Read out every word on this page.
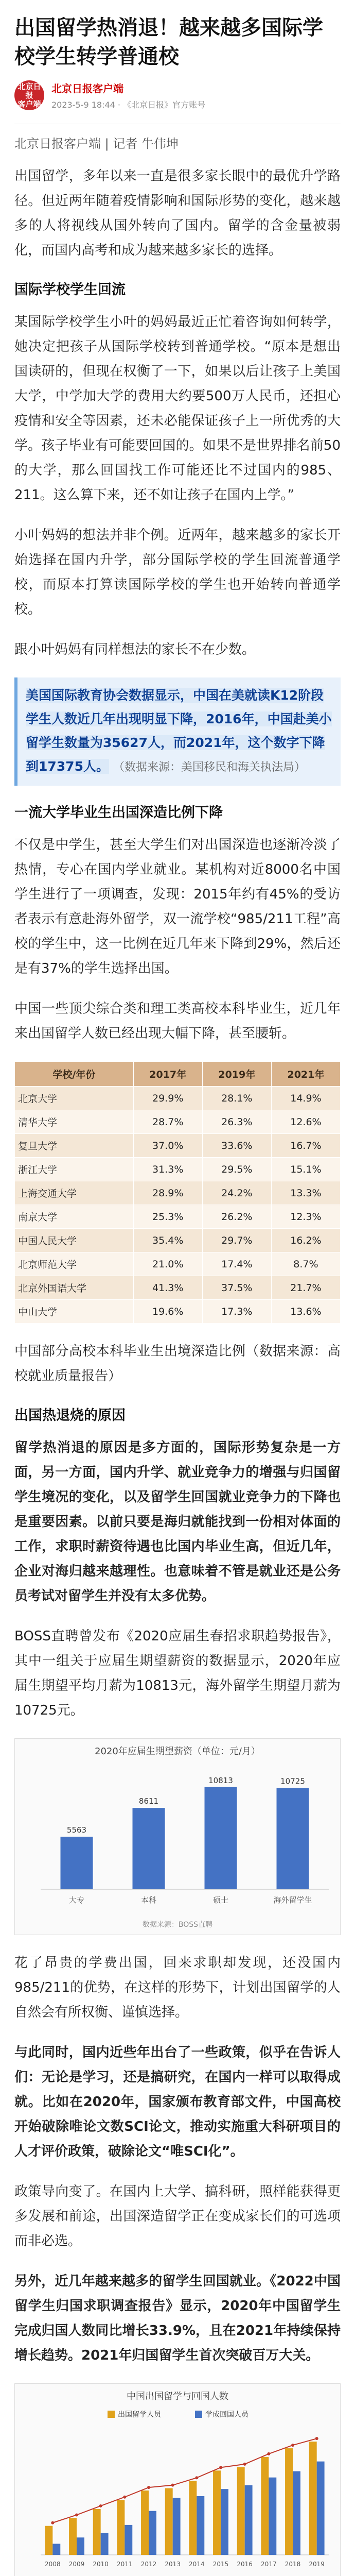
出国留学热消退！越来越多国际学校学生转学普通校
北京日报
客户端
北京日报客户端
2023-5-9 18:44 · 《北京日报》官方账号
北京日报客户端 | 记者 牛伟坤

出国留学，多年以来一直是很多家长眼中的最优升学路径。但近两年随着疫情影响和国际形势的变化，越来越多的人将视线从国外转向了国内。留学的含金量被弱化，而国内高考和成为越来越多家长的选择。

国际学校学生回流

某国际学校学生小叶的妈妈最近正忙着咨询如何转学，她决定把孩子从国际学校转到普通学校。“原本是想出国读研的，但现在权衡了一下，如果以后让孩子上美国大学，中学加大学的费用大约要500万人民币，还担心疫情和安全等因素，还未必能保证孩子上一所优秀的大学。孩子毕业有可能要回国的。如果不是世界排名前50的大学，那么回国找工作可能还比不过国内的985、211。这么算下来，还不如让孩子在国内上学。”

小叶妈妈的想法并非个例。近两年，越来越多的家长开始选择在国内升学，部分国际学校的学生回流普通学校，而原本打算读国际学校的学生也开始转向普通学校。

跟小叶妈妈有同样想法的家长不在少数。

美国国际教育协会数据显示，中国在美就读K12阶段学生人数近几年出现明显下降，2016年，中国赴美小留学生数量为35627人，而2021年，这个数字下降到17375人。 （数据来源：美国移民和海关执法局）
一流大学毕业生出国深造比例下降

不仅是中学生，甚至大学生们对出国深造也逐渐冷淡了热情，专心在国内学业就业。某机构对近8000名中国学生进行了一项调查，发现：2015年约有45%的受访者表示有意赴海外留学，双一流学校“985/211工程”高校的学生中，这一比例在近几年来下降到29%，然后还是有37%的学生选择出国。

中国一些顶尖综合类和理工类高校本科毕业生，近几年来出国留学人数已经出现大幅下降，甚至腰斩。

学校/年份	2017年	2019年	2021年
北京大学	29.9%	28.1%	14.9%
清华大学	28.7%	26.3%	12.6%
复旦大学	37.0%	33.6%	16.7%
浙江大学	31.3%	29.5%	15.1%
上海交通大学	28.9%	24.2%	13.3%
南京大学	25.3%	26.2%	12.3%
中国人民大学	35.4%	29.7%	16.2%
北京师范大学	21.0%	17.4%	8.7%
北京外国语大学	41.3%	37.5%	21.7%
中山大学	19.6%	17.3%	13.6%

中国部分高校本科毕业生出境深造比例（数据来源：高校就业质量报告）

出国热退烧的原因

留学热消退的原因是多方面的，国际形势复杂是一方面，另一方面，国内升学、就业竞争力的增强与归国留学生境况的变化，以及留学生回国就业竞争力的下降也是重要因素。以前只要是海归就能找到一份相对体面的工作，求职时薪资待遇也比国内毕业生高，但近几年，企业对海归越来越理性。也意味着不管是就业还是公务员考试对留学生并没有太多优势。

BOSS直聘曾发布《2020应届生春招求职趋势报告》，其中一组关于应届生期望薪资的数据显示，2020年应届生期望平均月薪为10813元，海外留学生期望月薪为10725元。

2020年应届生期望薪资（单位：元/月）
5563
大专
8611
本科
10813
硕士
10725
海外留学生
数据来源：BOSS直聘

花了昂贵的学费出国，回来求职却发现，还没国内985/211的优势，在这样的形势下，计划出国留学的人自然会有所权衡、谨慎选择。

与此同时，国内近些年出台了一些政策，似乎在告诉人们：无论是学习，还是搞研究，在国内一样可以取得成就。比如在2020年，国家颁布教育部文件，中国高校开始破除唯论文数SCI论文，推动实施重大科研项目的人才评价政策，破除论文“唯SCI化”。

政策导向变了。在国内上大学、搞科研，照样能获得更多发展和前途，出国深造留学正在变成家长们的可选项而非必选。

另外，近几年越来越多的留学生回国就业。《2022中国留学生归国求职调查报告》显示，2020年中国留学生完成归国人数同比增长33.9%，且在2021年持续保持增长趋势。2021年归国留学生首次突破百万大关。

中国出国留学与回国人数
出国留学人员	学成回国人员
2008 2009 2010 2011 2012 2013 2014 2015 2016 2017 2018 2019
